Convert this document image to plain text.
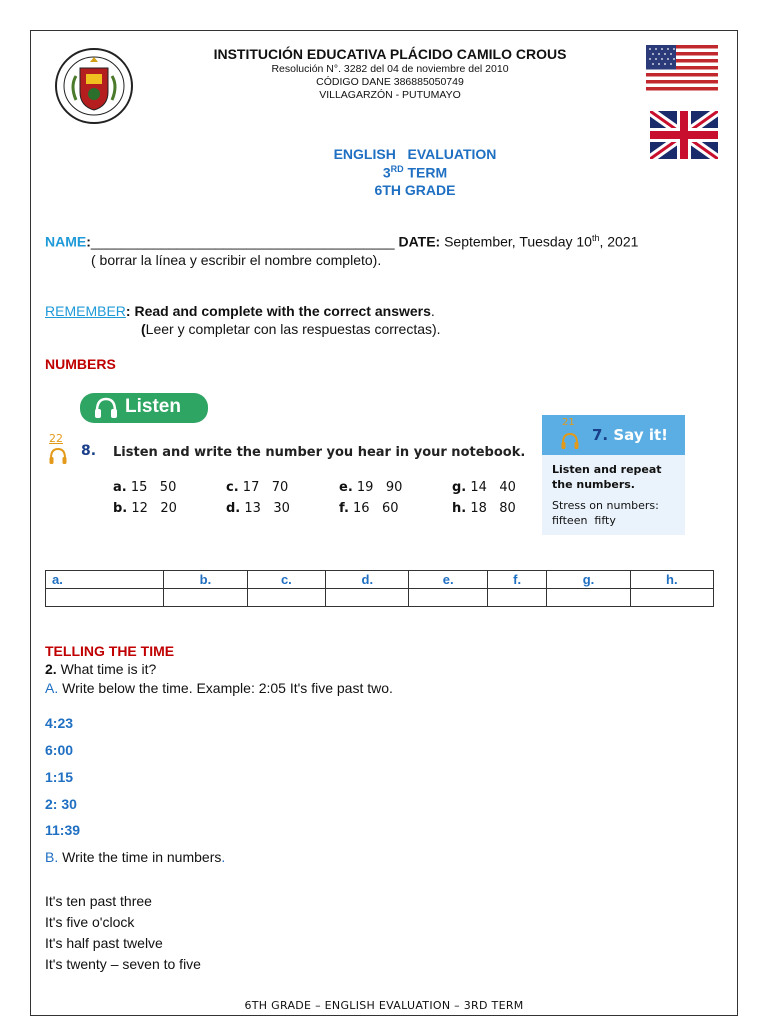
INSTITUCIÓN EDUCATIVA PLÁCIDO CAMILO CROUS
Resolución N°. 3282 del 04 de noviembre del 2010
CÓDIGO DANE 386885050749
VILLAGARZÓN - PUTUMAYO
ENGLISH   EVALUATION
3RD TERM
6TH GRADE
NAME:_______________________________________ DATE: September, Tuesday 10th, 2021
( borrar la línea y escribir el nombre completo).
REMEMBER: Read and complete with the correct answers.
(Leer y completar con las respuestas correctas).
NUMBERS
Listen
22
8. Listen and write the number you hear in your notebook.
a. 15   50
b. 12   20
c. 17   70
d. 13   30
e. 19   90
f. 16   60
g. 14   40
h. 18   80
21
7. Say it!
Listen and repeat
the numbers.
Stress on numbers:
fifteen  fifty
a.	b.	c.	d.	e.	f.	g.	h.

TELLING THE TIME
2. What time is it?
A. Write below the time. Example: 2:05 It's five past two.
4:23
6:00
1:15
2: 30
11:39
B. Write the time in numbers.
It's ten past three
It's five o'clock
It's half past twelve
It's twenty – seven to five
6TH GRADE – ENGLISH EVALUATION – 3RD TERM
